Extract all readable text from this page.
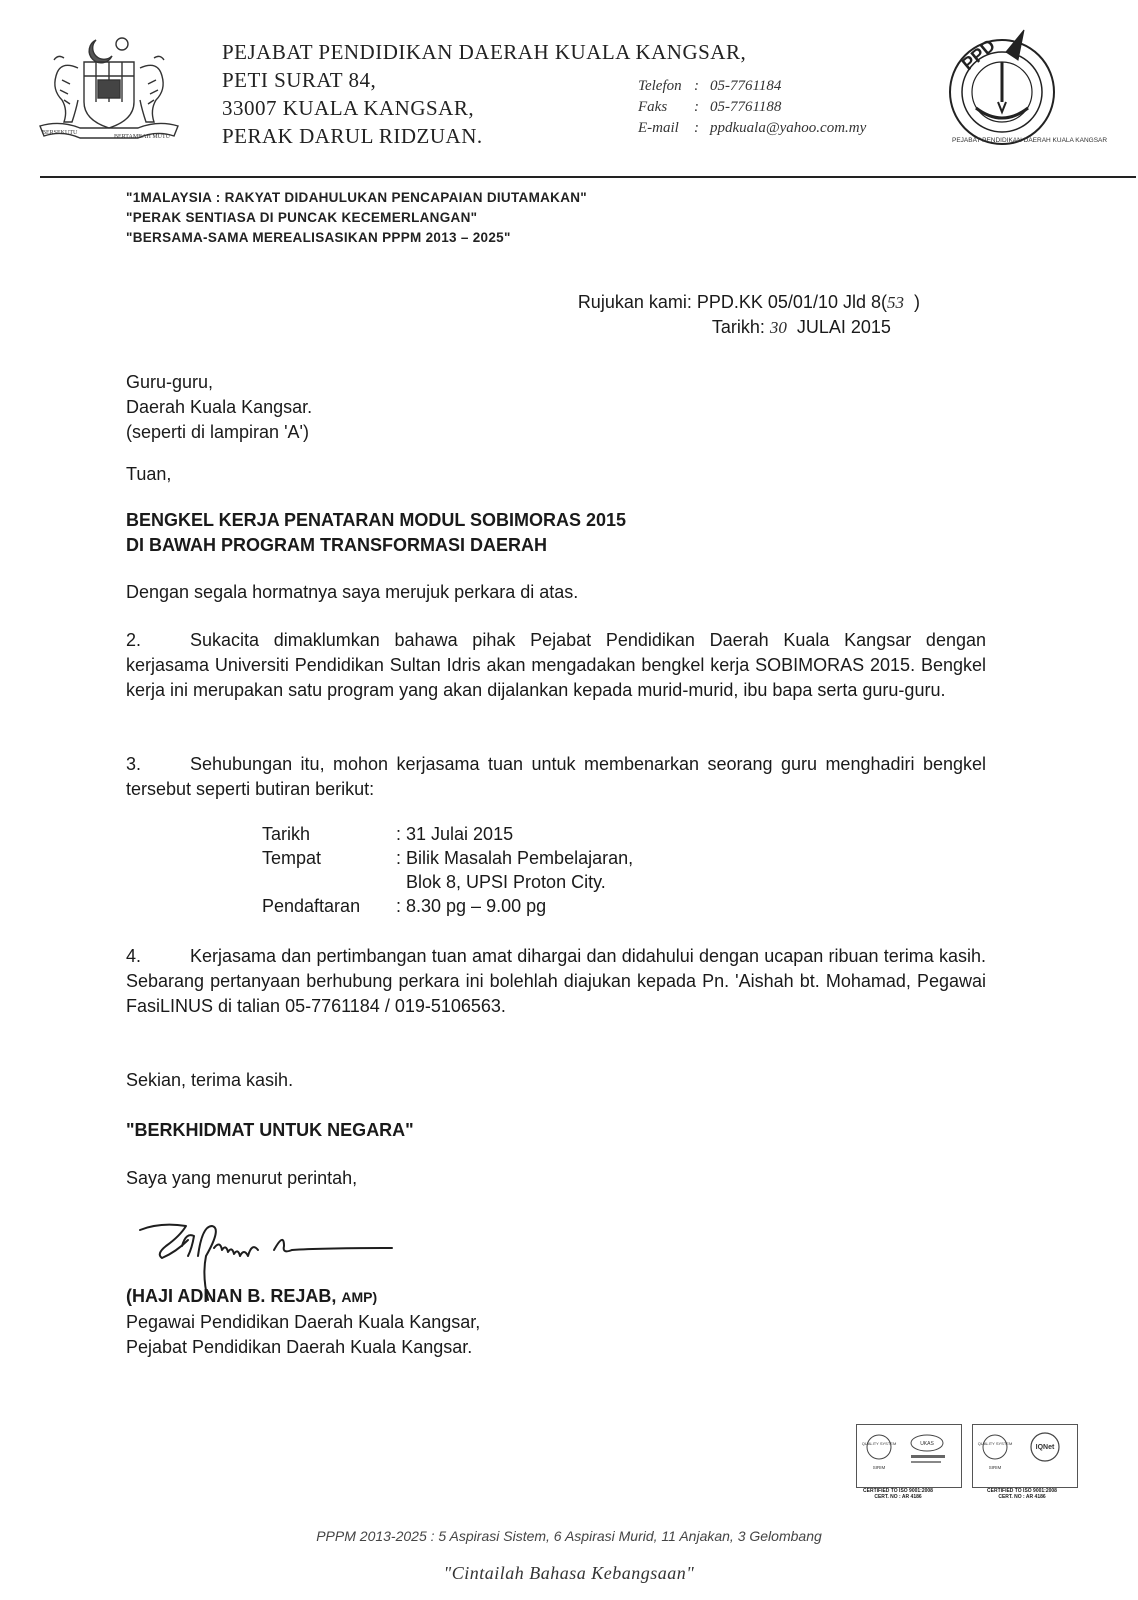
BERSEKUTU
BERTAMBAH MUTU
PEJABAT PENDIDIKAN DAERAH KUALA KANGSAR,
PETI SURAT 84,
33007 KUALA KANGSAR,
PERAK DARUL RIDZUAN.
Telefon : 05-7761184
Faks : 05-7761188
E-mail : ppdkuala@yahoo.com.my
PPD
PEJABAT PENDIDIKAN DAERAH KUALA KANGSAR
"1MALAYSIA : RAKYAT DIDAHULUKAN PENCAPAIAN DIUTAMAKAN"
"PERAK SENTIASA DI PUNCAK KECEMERLANGAN"
"BERSAMA-SAMA MEREALISASIKAN PPPM 2013 – 2025"
Rujukan kami: PPD.KK 05/01/10 Jld 8(53 )
Tarikh: 30 JULAI 2015
Guru-guru,
Daerah Kuala Kangsar.
(seperti di lampiran 'A')
Tuan,
BENGKEL KERJA PENATARAN MODUL SOBIMORAS 2015
DI BAWAH PROGRAM TRANSFORMASI DAERAH
Dengan segala hormatnya saya merujuk perkara di atas.
2.	Sukacita dimaklumkan bahawa pihak Pejabat Pendidikan Daerah Kuala Kangsar dengan kerjasama Universiti Pendidikan Sultan Idris akan mengadakan bengkel kerja SOBIMORAS 2015. Bengkel kerja ini merupakan satu program yang akan dijalankan kepada murid-murid, ibu bapa serta guru-guru.
3.	Sehubungan itu, mohon kerjasama tuan untuk membenarkan seorang guru menghadiri bengkel tersebut seperti butiran berikut:
Tarikh	: 31 Julai 2015
Tempat	: Bilik Masalah Pembelajaran,
	Blok 8, UPSI Proton City.
Pendaftaran	: 8.30 pg – 9.00 pg
4.	Kerjasama dan pertimbangan tuan amat dihargai dan didahului dengan ucapan ribuan terima kasih. Sebarang pertanyaan berhubung perkara ini bolehlah diajukan kepada Pn. 'Aishah bt. Mohamad, Pegawai FasiLINUS di talian 05-7761184 / 019-5106563.
Sekian, terima kasih.
"BERKHIDMAT UNTUK NEGARA"
Saya yang menurut perintah,
(HAJI ADNAN B. REJAB, AMP)
Pegawai Pendidikan Daerah Kuala Kangsar,
Pejabat Pendidikan Daerah Kuala Kangsar.
QUALITY SYSTEM
SIRIM
UKAS
CERTIFIED TO ISO 9001:2008
CERT. NO : AR 4186
QUALITY SYSTEM
SIRIM
IQNet
CERTIFIED TO ISO 9001:2008
CERT. NO : AR 4186
PPPM 2013-2025 : 5 Aspirasi Sistem, 6 Aspirasi Murid, 11 Anjakan, 3 Gelombang
"Cintailah Bahasa Kebangsaan"
